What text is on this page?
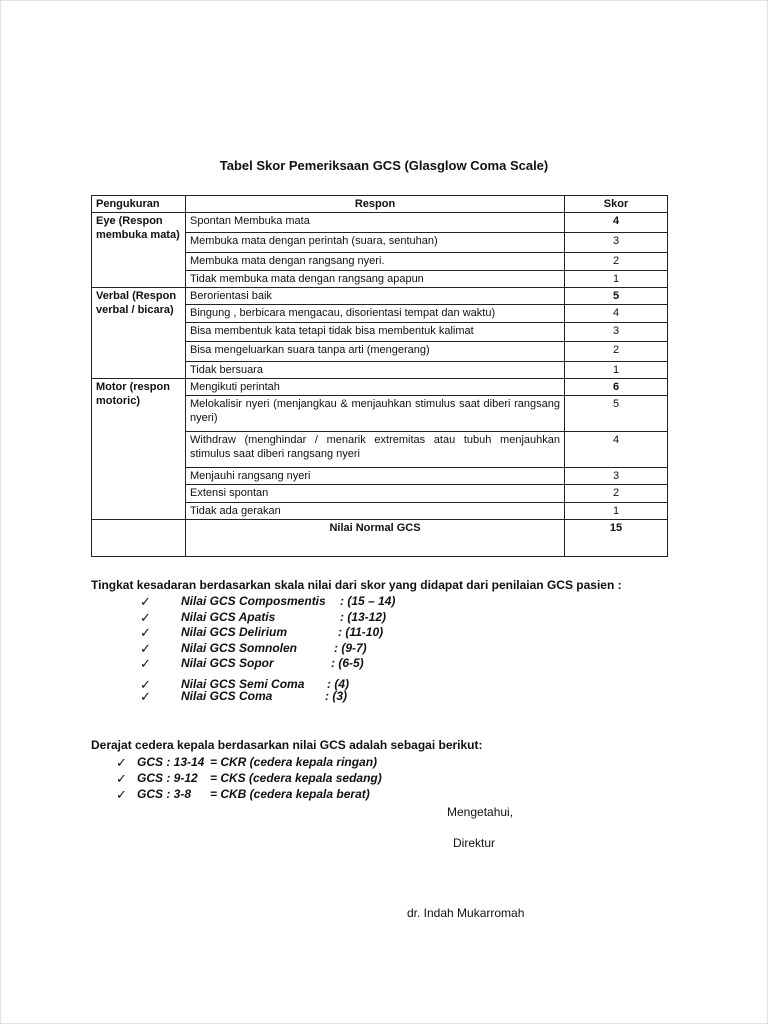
Tabel Skor Pemeriksaan GCS (Glasglow Coma Scale)
Pengukuran	Respon	Skor
Eye (Respon membuka mata)	Spontan Membuka mata	4
	Membuka mata dengan perintah (suara, sentuhan)	3
	Membuka mata dengan rangsang nyeri.	2
	Tidak membuka mata dengan rangsang apapun	1
Verbal (Respon verbal / bicara)	Berorientasi baik	5
	Bingung , berbicara mengacau, disorientasi tempat dan waktu)	4
	Bisa membentuk kata tetapi tidak bisa membentuk kalimat	3
	Bisa mengeluarkan suara tanpa arti (mengerang)	2
	Tidak bersuara	1
Motor (respon motoric)	Mengikuti perintah	6
	Melokalisir nyeri (menjangkau & menjauhkan stimulus saat diberi rangsang nyeri)	5
	Withdraw (menghindar / menarik extremitas atau tubuh menjauhkan stimulus saat diberi rangsang nyeri	4
	Menjauhi rangsang nyeri	3
	Extensi spontan	2
	Tidak ada gerakan	1
	Nilai Normal GCS	15
Tingkat kesadaran berdasarkan skala nilai dari skor yang didapat dari penilaian GCS pasien :
✓	Nilai GCS Composmentis : (15 – 14)
✓	Nilai GCS Apatis	: (13-12)
✓	Nilai GCS Delirium	: (11-10)
✓	Nilai GCS Somnolen	: (9-7)
✓	Nilai GCS Sopor	: (6-5)
✓	Nilai GCS Semi Coma : (4)
✓	Nilai GCS Coma	: (3)
Derajat cedera kepala berdasarkan nilai GCS adalah sebagai berikut:
✓ GCS : 13-14 = CKR (cedera kepala ringan)
✓ GCS : 9-12 = CKS (cedera kepala sedang)
✓ GCS : 3-8 = CKB (cedera kepala berat)
Mengetahui,
Direktur
dr. Indah Mukarromah
